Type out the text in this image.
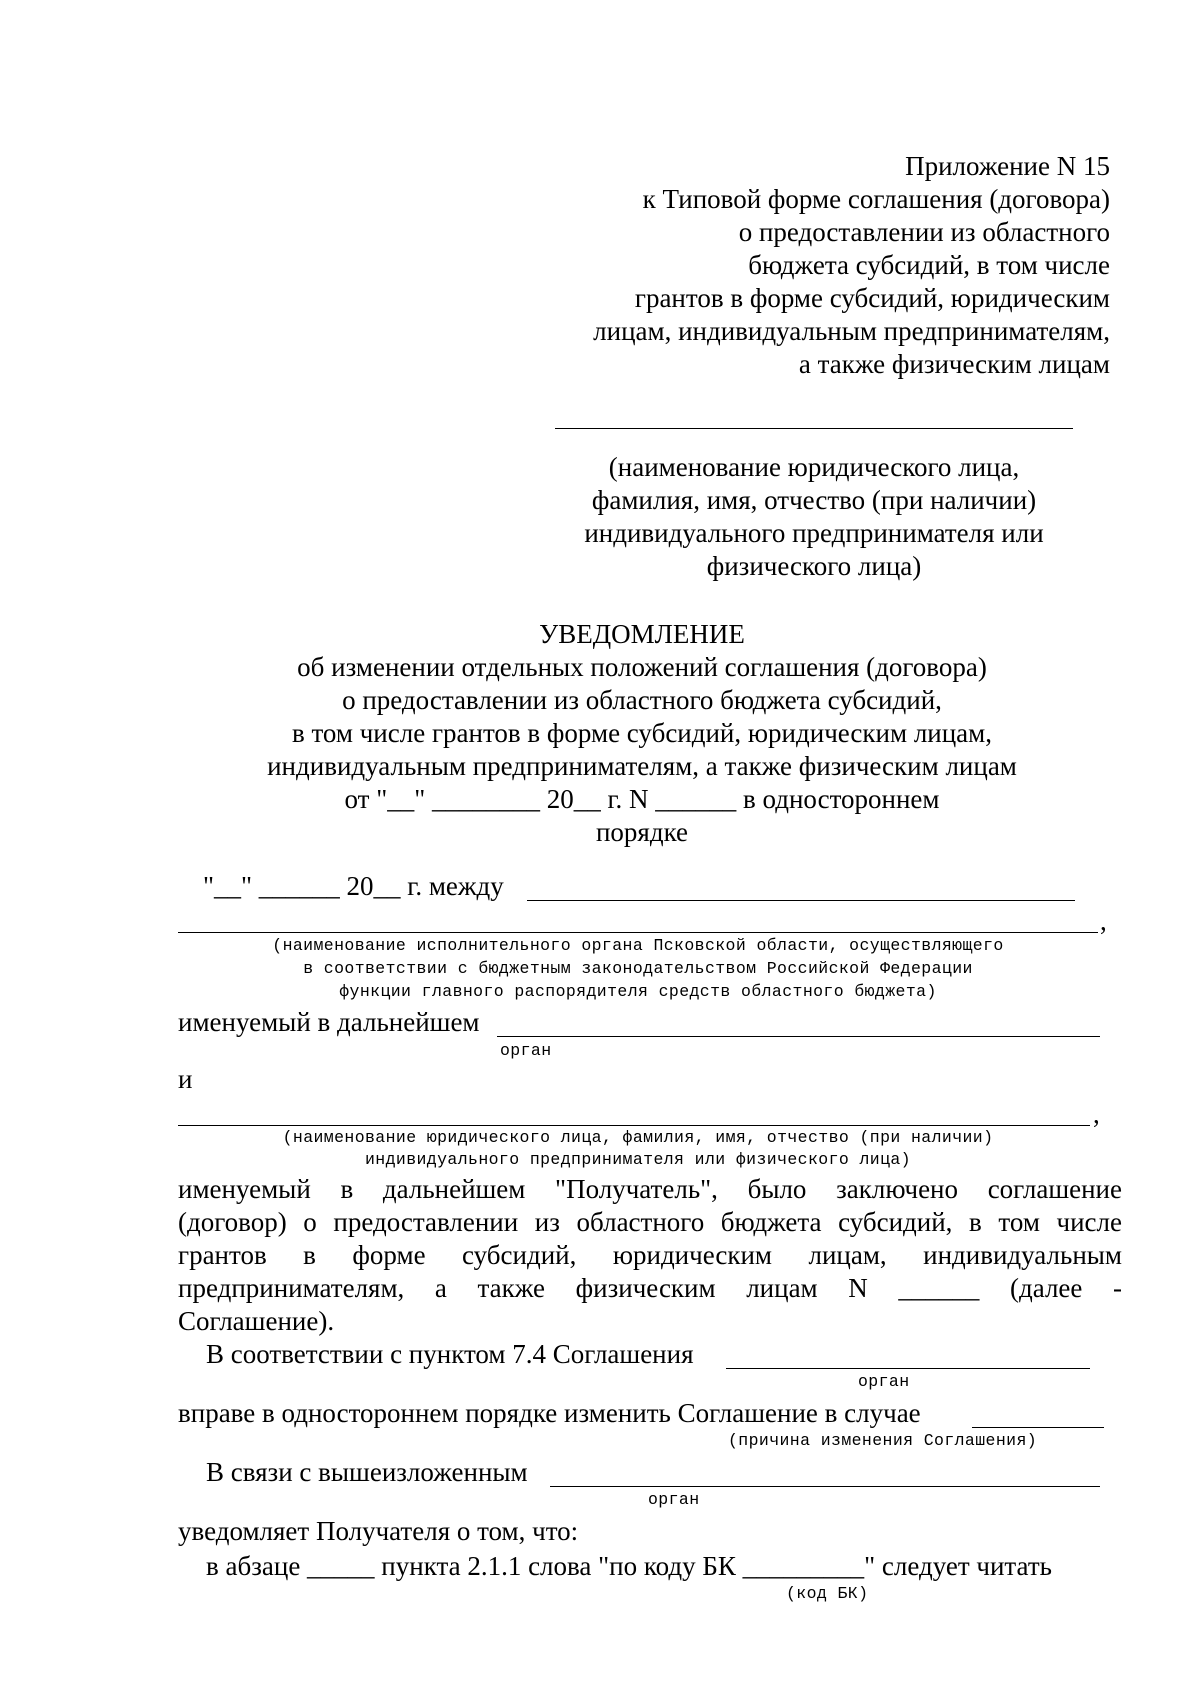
Приложение N 15
к Типовой форме соглашения (договора)
о предоставлении из областного
бюджета субсидий, в том числе
грантов в форме субсидий, юридическим
лицам, индивидуальным предпринимателям,
а также физическим лицам
(наименование юридического лица,
фамилия, имя, отчество (при наличии)
индивидуального предпринимателя или
физического лица)
УВЕДОМЛЕНИЕ
об изменении отдельных положений соглашения (договора)
о предоставлении из областного бюджета субсидий,
в том числе грантов в форме субсидий, юридическим лицам,
индивидуальным предпринимателям, а также физическим лицам
от "__" ________ 20__ г. N ______ в одностороннем
порядке
"__" ______ 20__ г. между
,
(наименование исполнительного органа Псковской области, осуществляющего
в соответствии с бюджетным законодательством Российской Федерации
функции главного распорядителя средств областного бюджета)
именуемый в дальнейшем
орган
и
,
(наименование юридического лица, фамилия, имя, отчество (при наличии)
индивидуального предпринимателя или физического лица)
именуемый в дальнейшем "Получатель", было заключено соглашение
(договор) о предоставлении из областного бюджета субсидий, в том числе
грантов в форме субсидий, юридическим лицам, индивидуальным
предпринимателям, а также физическим лицам N ______ (далее -
Соглашение).
В соответствии с пунктом 7.4 Соглашения
орган
вправе в одностороннем порядке изменить Соглашение в случае
(причина изменения Соглашения)
В связи с вышеизложенным
орган
уведомляет Получателя о том, что:
в абзаце _____ пункта 2.1.1 слова "по коду БК _________" следует читать
(код БК)
